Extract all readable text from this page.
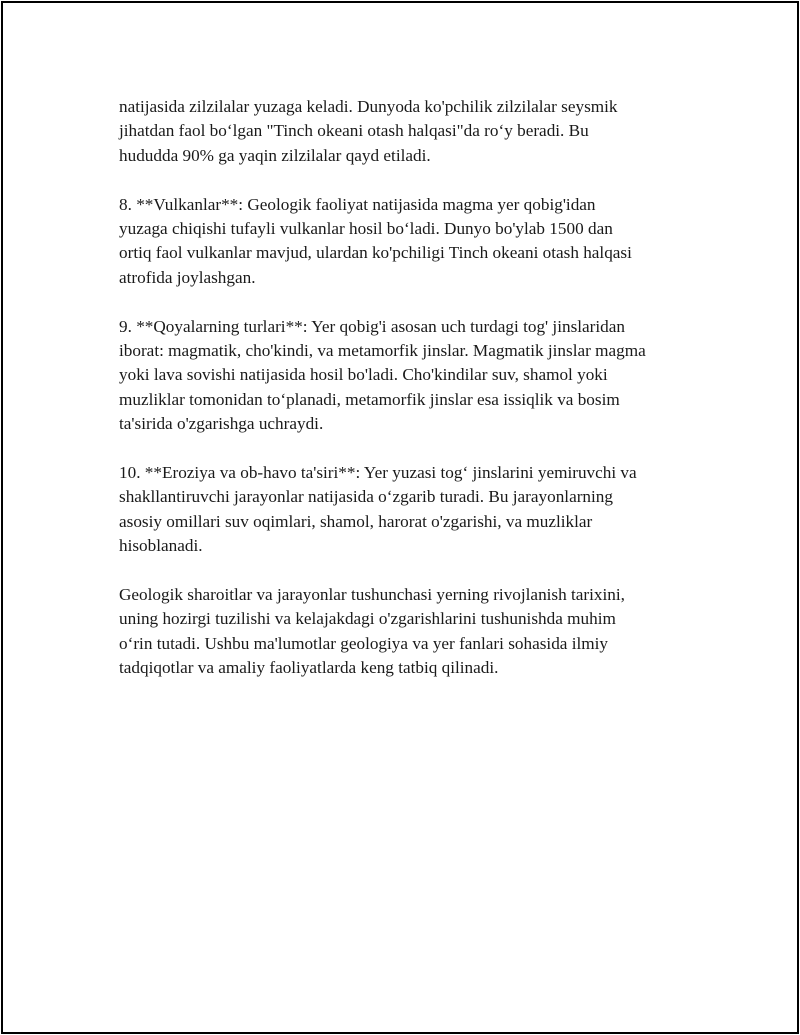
natijasida zilzilalar yuzaga keladi. Dunyoda ko'pchilik zilzilalar seysmik
jihatdan faol bo‘lgan "Tinch okeani otash halqasi"da ro‘y beradi. Bu
hududda 90% ga yaqin zilzilalar qayd etiladi.

8. **Vulkanlar**: Geologik faoliyat natijasida magma yer qobig'idan
yuzaga chiqishi tufayli vulkanlar hosil bo‘ladi. Dunyo bo'ylab 1500 dan
ortiq faol vulkanlar mavjud, ulardan ko'pchiligi Tinch okeani otash halqasi
atrofida joylashgan.

9. **Qoyalarning turlari**: Yer qobig'i asosan uch turdagi tog' jinslaridan
iborat: magmatik, cho'kindi, va metamorfik jinslar. Magmatik jinslar magma
yoki lava sovishi natijasida hosil bo'ladi. Cho'kindilar suv, shamol yoki
muzliklar tomonidan to‘planadi, metamorfik jinslar esa issiqlik va bosim
ta'sirida o'zgarishga uchraydi.

10. **Eroziya va ob-havo ta'siri**: Yer yuzasi tog‘ jinslarini yemiruvchi va
shakllantiruvchi jarayonlar natijasida o‘zgarib turadi. Bu jarayonlarning
asosiy omillari suv oqimlari, shamol, harorat o'zgarishi, va muzliklar
hisoblanadi.

Geologik sharoitlar va jarayonlar tushunchasi yerning rivojlanish tarixini,
uning hozirgi tuzilishi va kelajakdagi o'zgarishlarini tushunishda muhim
o‘rin tutadi. Ushbu ma'lumotlar geologiya va yer fanlari sohasida ilmiy
tadqiqotlar va amaliy faoliyatlarda keng tatbiq qilinadi.
